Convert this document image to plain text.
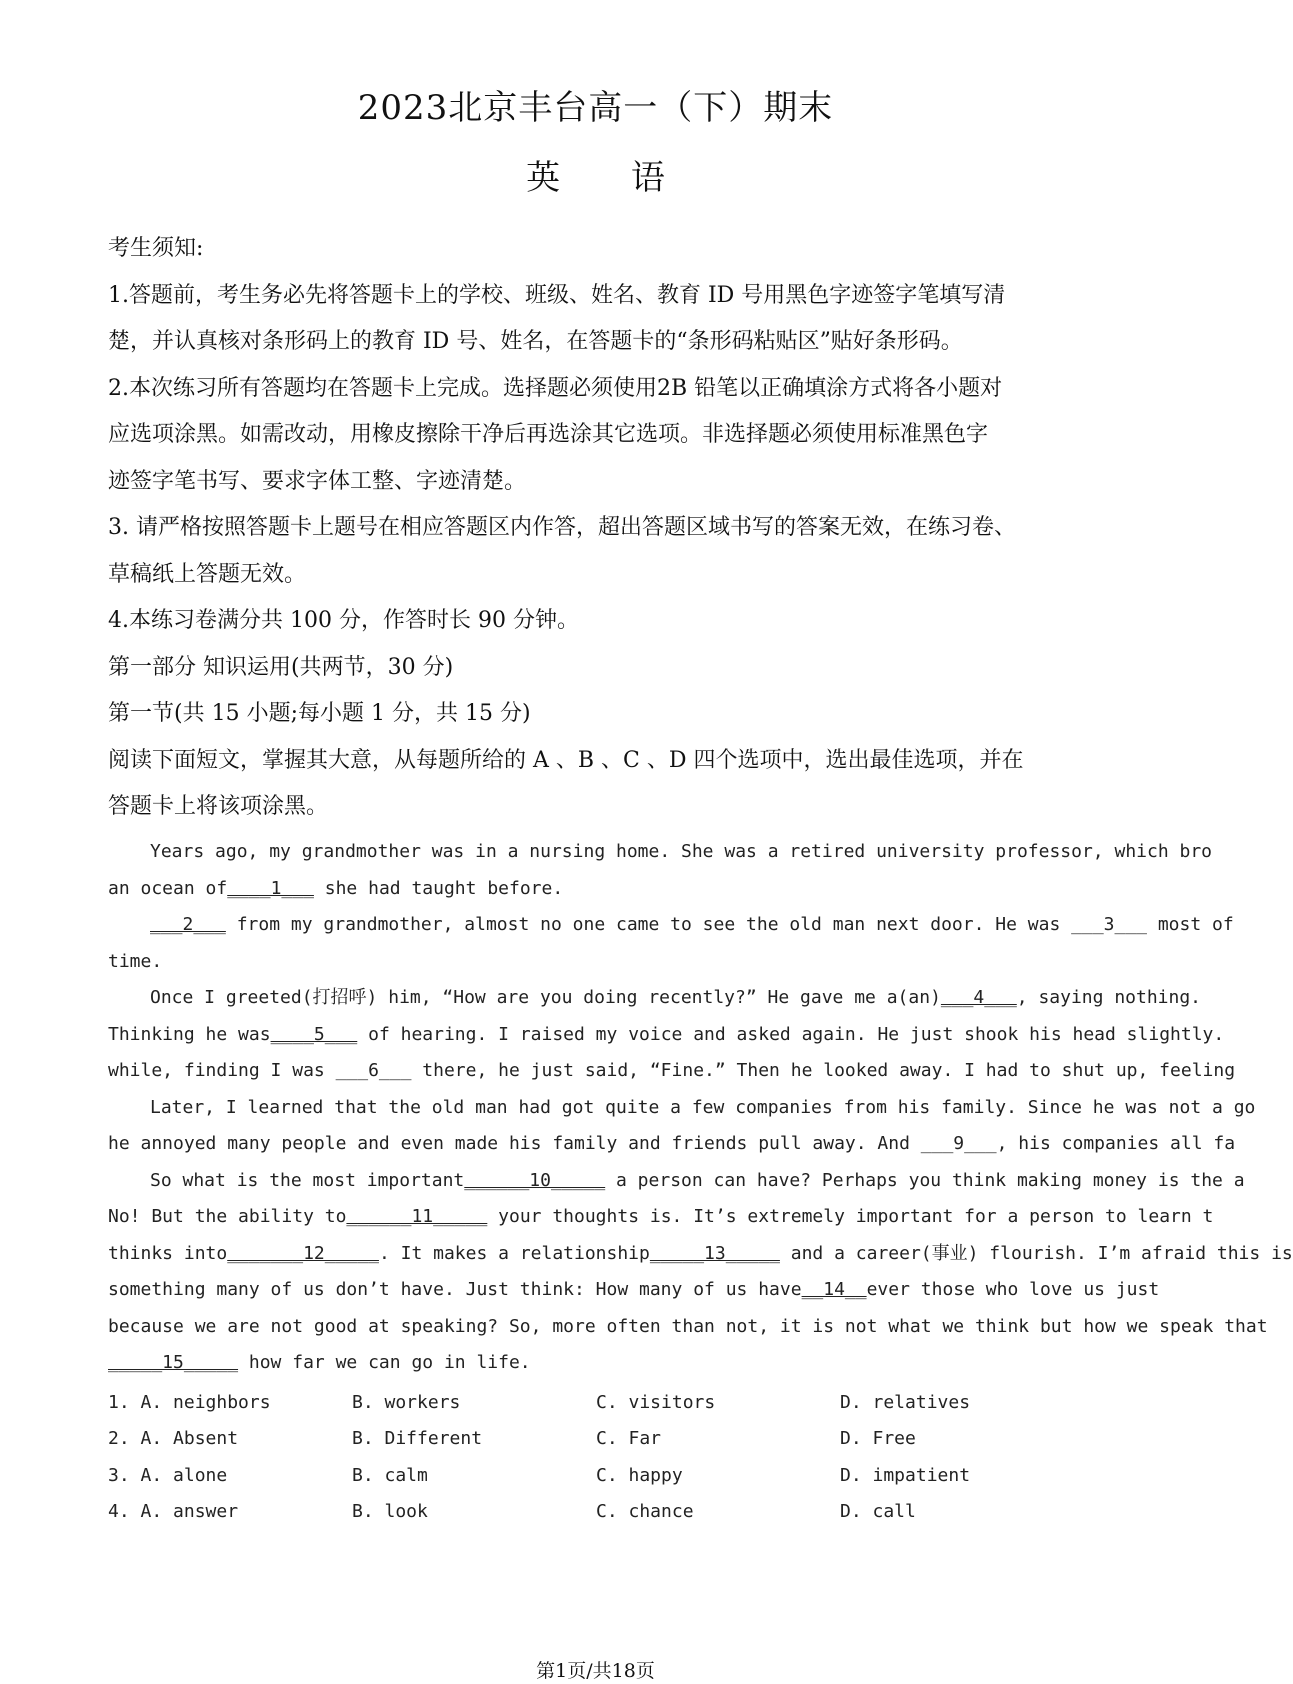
2023北京丰台高一（下）期末
英 语
考生须知:
1.答题前，考生务必先将答题卡上的学校、班级、姓名、教育 ID 号用黑色字迹签字笔填写清
楚，并认真核对条形码上的教育 ID 号、姓名，在答题卡的“条形码粘贴区”贴好条形码。
2.本次练习所有答题均在答题卡上完成。选择题必须使用2B 铅笔以正确填涂方式将各小题对
应选项涂黑。如需改动，用橡皮擦除干净后再选涂其它选项。非选择题必须使用标准黑色字
迹签字笔书写、要求字体工整、字迹清楚。
3. 请严格按照答题卡上题号在相应答题区内作答，超出答题区域书写的答案无效，在练习卷、
草稿纸上答题无效。
4.本练习卷满分共 100 分，作答时长 90 分钟。
第一部分 知识运用(共两节，30 分)
第一节(共 15 小题;每小题 1 分，共 15 分)
阅读下面短文，掌握其大意，从每题所给的 A 、B 、C 、D 四个选项中，选出最佳选项，并在
答题卡上将该项涂黑。
Years ago, my grandmother was in a nursing home. She was a retired university professor, which bro
an ocean of____1___ she had taught before.
___2___ from my grandmother, almost no one came to see the old man next door. He was ___3___ most of
time.
Once I greeted(打招呼) him, “How are you doing recently?” He gave me a(an)___4___, saying nothing.
Thinking he was____5___ of hearing. I raised my voice and asked again. He just shook his head slightly.
while, finding I was ___6___ there, he just said, “Fine.” Then he looked away. I had to shut up, feeling
Later, I learned that the old man had got quite a few companies from his family. Since he was not a go
he annoyed many people and even made his family and friends pull away. And ___9___, his companies all fa
So what is the most important______10_____ a person can have? Perhaps you think making money is the a
No! But the ability to______11_____ your thoughts is. It’s extremely important for a person to learn t
thinks into_______12_____. It makes a relationship_____13_____ and a career(事业) flourish. I’m afraid this is
something many of us don’t have. Just think: How many of us have__14__ever those who love us just
because we are not good at speaking? So, more often than not, it is not what we think but how we speak that
_____15_____ how far we can go in life.
1. A. neighbors	B. workers	C. visitors	D. relatives
2. A. Absent	B. Different	C. Far	D. Free
3. A. alone	B. calm	C. happy	D. impatient
4. A. answer	B. look	C. chance	D. call
第1页/共18页
